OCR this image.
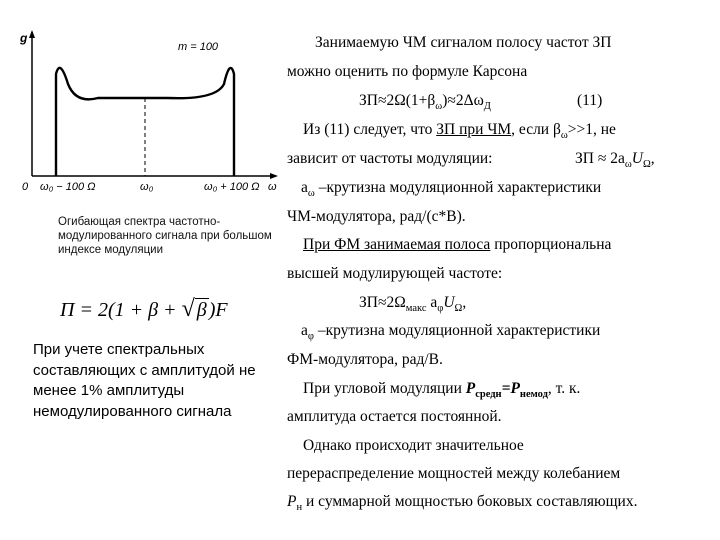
g
m = 100
0 ω₀ − 100 Ω	ω₀	ω₀ + 100 Ω ω
Огибающая спектра частотно-модулированного сигнала при большом индексе модуляции
П = 2(1 + β + √ β )F
При учете спектральных составляющих с амплитудой не менее 1% амплитуды немодулированного сигнала
Занимаемую ЧМ сигналом полосу частот ЗП
можно оценить по формуле Карсона
$ЗП\approx 2\Omega(1+\beta_\omega)\approx 2\Delta\omega_Д$	(11)
Из (11) следует, что ЗП при ЧМ, если $\beta_\omega>>1$, не
зависит от частоты модуляции:	ЗП ≈ $2a_\omega U_\Omega$,
$a_\omega$ –крутизна модуляционной характеристики
ЧМ-модулятора, рад/(с*В).
При ФМ занимаемая полоса пропорциональна
высшей модулирующей частоте:
$ЗП\approx 2\Omega_{макс}$ $a_\varphi U_\Omega$,
$a_\varphi$ –крутизна модуляционной характеристики
ФМ-модулятора, рад/В.
При угловой модуляции $P_{средн}=P_{немод}$, т. к.
амплитуда остается постоянной.
Однако происходит значительное
перераспределение мощностей между колебанием
$P_н$ и суммарной мощностью боковых составляющих.
